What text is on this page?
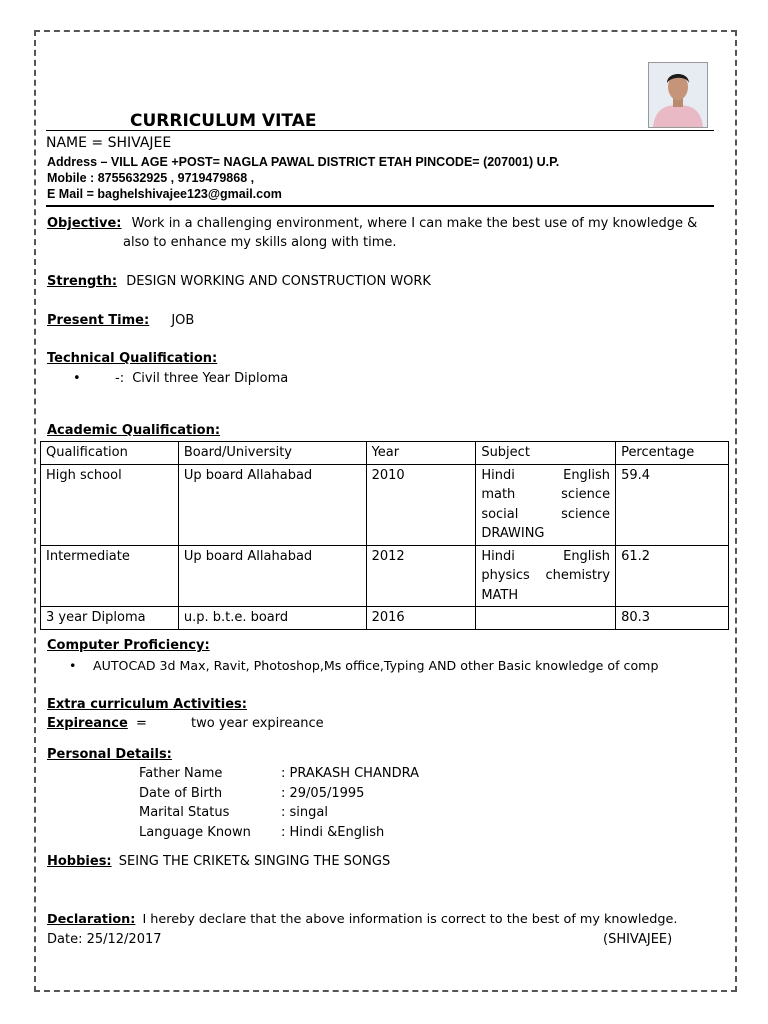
CURRICULUM VITAE
NAME = SHIVAJEE
Address – VILL AGE +POST= NAGLA PAWAL DISTRICT ETAH PINCODE= (207001) U.P.
Mobile : 8755632925 , 9719479868 ,
E Mail = baghelshivajee123@gmail.com
Objective: Work in a challenging environment, where I can make the best use of my knowledge &
also to enhance my skills along with time.
Strength: DESIGN WORKING AND CONSTRUCTION WORK
Present Time: JOB
Technical Qualification:
• -: Civil three Year Diploma
Academic Qualification:
Qualification	Board/University	Year	Subject	Percentage
High school	Up board Allahabad	2010	Hindi English
math science
social science
DRAWING	59.4
Intermediate	Up board Allahabad	2012	Hindi English
physics chemistry
MATH	61.2
3 year Diploma	u.p. b.t.e. board	2016		80.3
Computer Proficiency:
• AUTOCAD 3d Max, Ravit, Photoshop,Ms office,Typing AND other Basic knowledge of comp
Extra curriculum Activities:
Expireance =	two year expireance
Personal Details:
Father Name	: PRAKASH CHANDRA
Date of Birth	: 29/05/1995
Marital Status	: singal
Language Known : Hindi &English
Hobbies: SEING THE CRIKET& SINGING THE SONGS
Declaration: I hereby declare that the above information is correct to the best of my knowledge.
Date: 25/12/2017	(SHIVAJEE)
